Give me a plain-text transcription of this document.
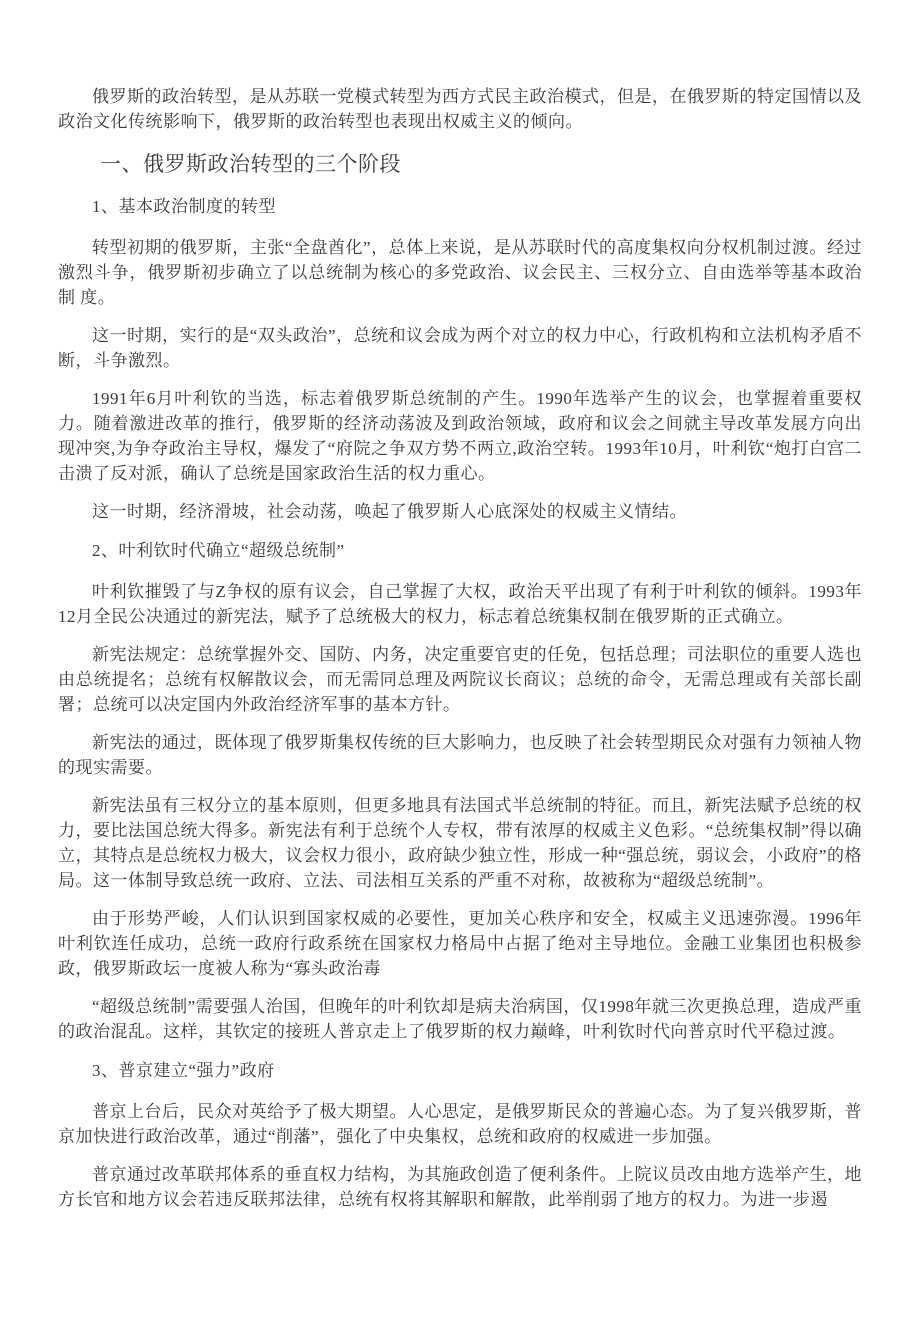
俄罗斯的政治转型，是从苏联一党模式转型为西方式民主政治模式，但是，在俄罗斯的特定国情以及政治文化传统影响下，俄罗斯的政治转型也表现出权威主义的倾向。

一、俄罗斯政治转型的三个阶段
1、基本政治制度的转型

转型初期的俄罗斯，主张“全盘酋化”，总体上来说，是从苏联时代的高度集权向分权机制过渡。经过激烈斗争，俄罗斯初步确立了以总统制为核心的多党政治、议会民主、三权分立、自由选举等基本政治制 度。

这一时期，实行的是“双头政治”，总统和议会成为两个对立的权力中心，行政机构和立法机构矛盾不断，斗争激烈。

1991年6月叶利钦的当选，标志着俄罗斯总统制的产生。1990年选举产生的议会，也掌握着重要权力。随着激进改革的推行，俄罗斯的经济动荡波及到政治领域，政府和议会之间就主导改革发展方向出现冲突,为争夺政治主导权，爆发了“府院之争双方势不两立,政治空转。1993年10月，叶利钦“炮打白宫二击溃了反对派，确认了总统是国家政治生活的权力重心。

这一时期，经济滑坡，社会动荡，唤起了俄罗斯人心底深处的权威主义情结。

2、叶利钦时代确立“超级总统制”

叶利钦摧毁了与Z争权的原有议会，自己掌握了大权，政治天平出现了有利于叶利钦的倾斜。1993年12月全民公决通过的新宪法，赋予了总统极大的权力，标志着总统集权制在俄罗斯的正式确立。

新宪法规定：总统掌握外交、国防、内务，决定重要官吏的任免，包括总理；司法职位的重要人选也由总统提名；总统有权解散议会，而无需同总理及两院议长商议；总统的命令，无需总理或有关部长副署；总统可以决定国内外政治经济军事的基本方针。

新宪法的通过，既体现了俄罗斯集权传统的巨大影响力，也反映了社会转型期民众对强有力领袖人物的现实需要。

新宪法虽有三权分立的基本原则，但更多地具有法国式半总统制的特征。而且，新宪法赋予总统的权力，要比法国总统大得多。新宪法有利于总统个人专权，带有浓厚的权威主义色彩。“总统集权制”得以确立，其特点是总统权力极大，议会权力很小，政府缺少独立性，形成一种“强总统，弱议会，小政府”的格局。这一体制导致总统一政府、立法、司法相互关系的严重不对称，故被称为“超级总统制”。

由于形势严峻，人们认识到国家权威的必要性，更加关心秩序和安全，权威主义迅速弥漫。1996年叶利钦连任成功，总统一政府行政系统在国家权力格局中占据了绝对主导地位。金融工业集团也积极参政，俄罗斯政坛一度被人称为“寡头政治毒

“超级总统制”需要强人治国，但晚年的叶利钦却是病夫治病国，仅1998年就三次更换总理，造成严重的政治混乱。这样，其钦定的接班人普京走上了俄罗斯的权力巅峰，叶利钦时代向普京时代平稳过渡。

3、普京建立“强力”政府

普京上台后，民众对英给予了极大期望。人心思定，是俄罗斯民众的普遍心态。为了复兴俄罗斯，普京加快进行政治改革，通过“削藩”，强化了中央集权，总统和政府的权威进一步加强。

普京通过改革联邦体系的垂直权力结构，为其施政创造了便利条件。上院议员改由地方选举产生，地方长官和地方议会若违反联邦法律，总统有权将其解职和解散，此举削弱了地方的权力。为进一步遏
